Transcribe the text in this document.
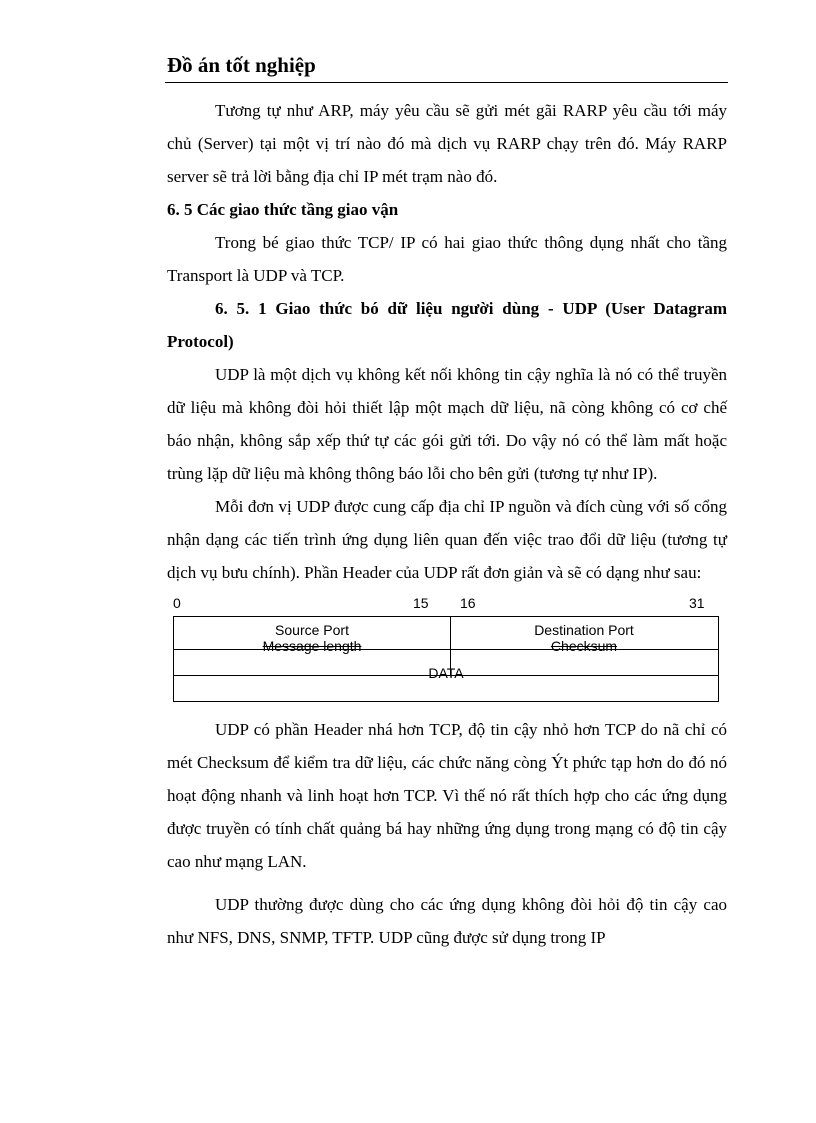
Đồ án tốt nghiệp

Tương tự như ARP, máy yêu cầu sẽ gửi mét gãi RARP yêu cầu tới máy chủ (Server) tại một vị trí nào đó mà dịch vụ RARP chạy trên đó. Máy RARP server sẽ trả lời bằng địa chỉ IP mét trạm nào đó.

6. 5 Các giao thức tầng giao vận

Trong bé giao thức TCP/ IP có hai giao thức thông dụng nhất cho tầng Transport là UDP và TCP.

6. 5. 1 Giao thức bó dữ liệu người dùng - UDP (User Datagram Protocol)

UDP là một dịch vụ không kết nối không tin cậy nghĩa là nó có thể truyền dữ liệu mà không đòi hỏi thiết lập một mạch dữ liệu, nã còng không có cơ chế báo nhận, không sắp xếp thứ tự các gói gửi tới. Do vậy nó có thể làm mất hoặc trùng lặp dữ liệu mà không thông báo lỗi cho bên gửi (tương tự như IP).

Mỗi đơn vị UDP được cung cấp địa chỉ IP nguồn và đích cùng với số cổng nhận dạng các tiến trình ứng dụng liên quan đến việc trao đổi dữ liệu (tương tự dịch vụ bưu chính). Phần Header của UDP rất đơn giản và sẽ có dạng như sau:

0	15 16	31
Source Port
Message length
Destination Port
Checksum
DATA

UDP có phần Header nhá hơn TCP, độ tin cậy nhỏ hơn TCP do nã chỉ có mét Checksum để kiểm tra dữ liệu, các chức năng còng Ýt phức tạp hơn do đó nó hoạt động nhanh và linh hoạt hơn TCP. Vì thế nó rất thích hợp cho các ứng dụng được truyền có tính chất quảng bá hay những ứng dụng trong mạng có độ tin cậy cao như mạng LAN.

UDP thường được dùng cho các ứng dụng không đòi hỏi độ tin cậy cao như NFS, DNS, SNMP, TFTP. UDP cũng được sử dụng trong IP
